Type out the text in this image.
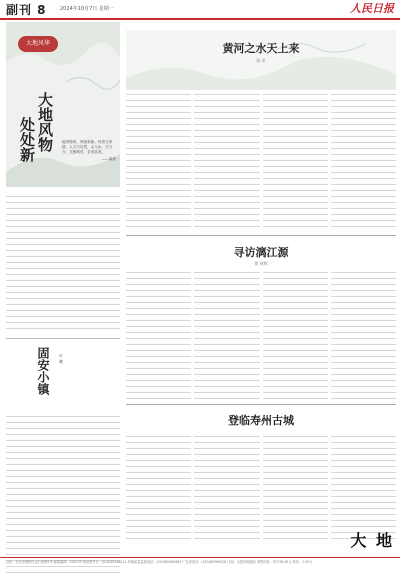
副刊 8	2024年10月7日 星期一	人民日报
大地风华
大地风物
处处新	地风物风，风物常新。风景与风情，人文与自然，山与水，古与今，交相映衬，各美其美。
——编者
固安小镇 叶 曦
黄河之水天上来
蒋 泉
寻访漓江源
徐 秋辉
登临寿州古城
大 地
社址：北京市朝阳区金台西路2号 邮政编码：100733 电话查号台：(010)65368114 印刷质量监督电话：(010)65369463 广告部电话：(010)65369228 订阅：全国各地邮局 零售价格：每月36.00元 每份：1.50元
